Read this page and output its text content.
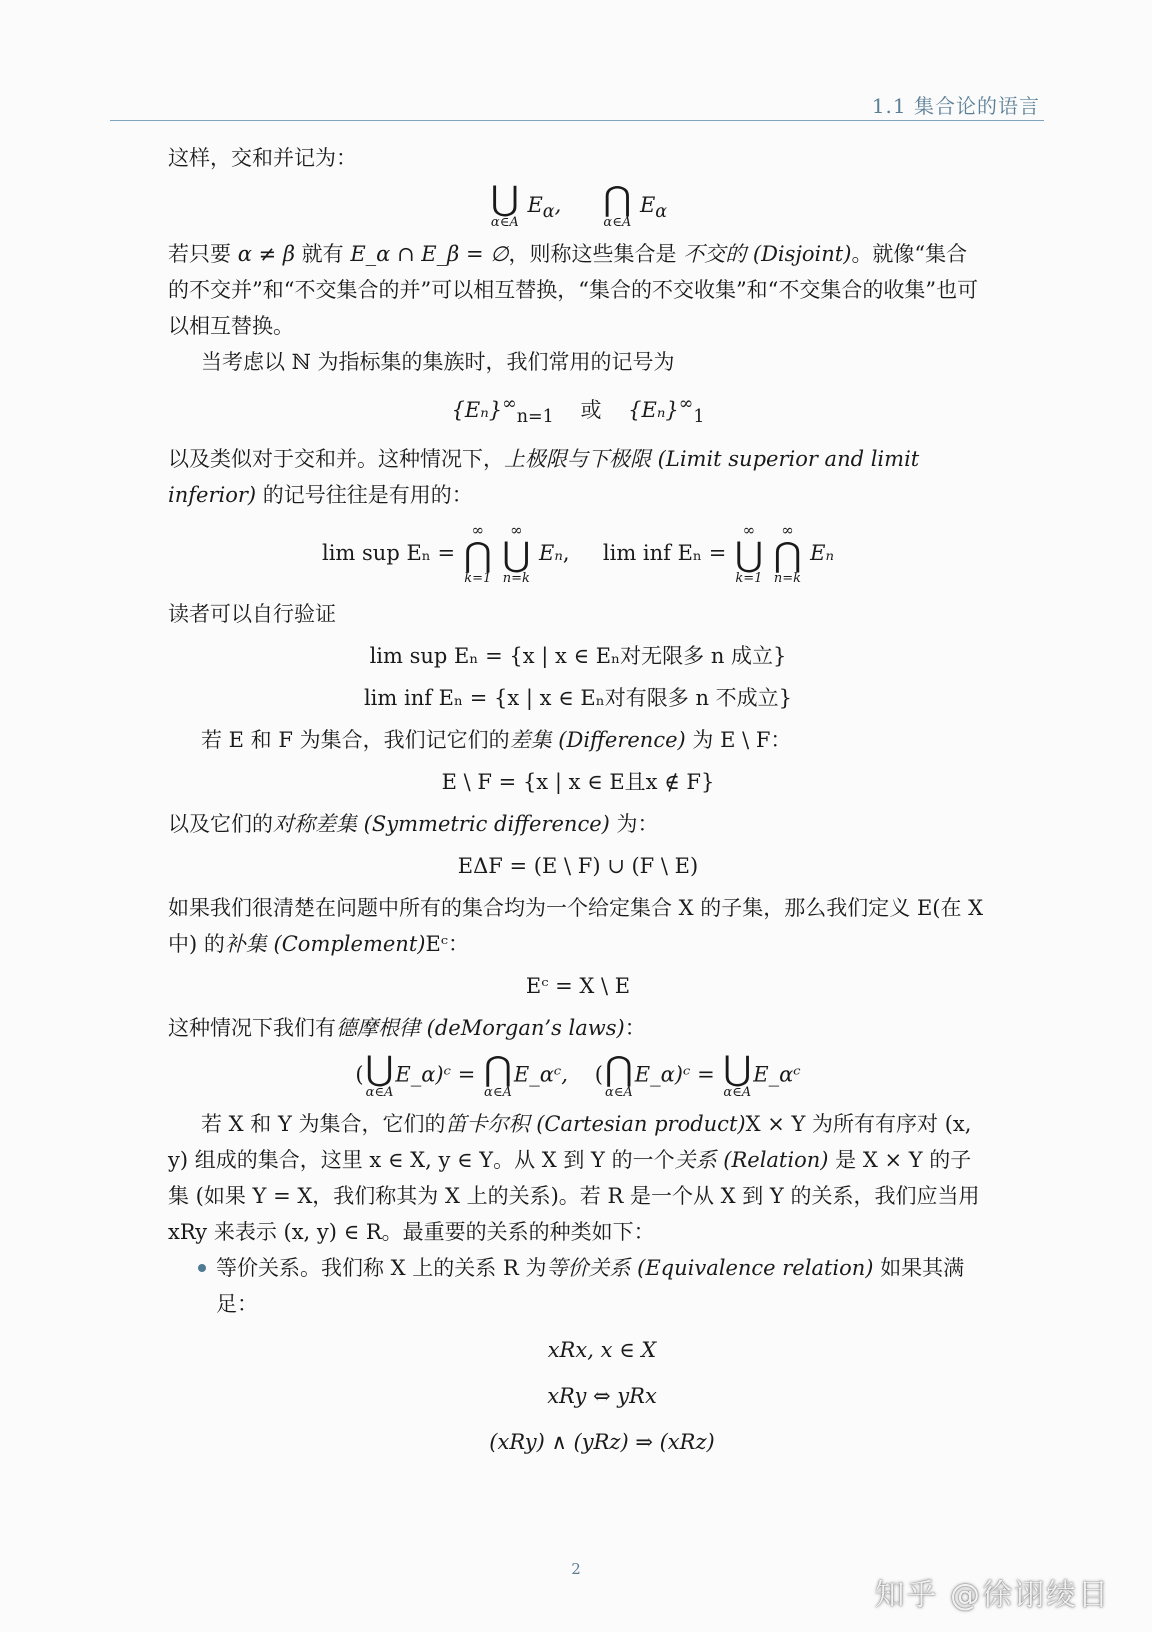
1.1 集合论的语言

这样，交和并记为：

⋃
α∈A
$E_\alpha$, ⋂
α∈A
$E_\alpha$

若只要 α ≠ β 就有 E_α ∩ E_β = ∅，则称这些集合是 不交的 (Disjoint)。就像“集合的不交并”和“不交集合的并”可以相互替换，“集合的不交收集”和“不交集合的收集”也可以相互替换。

当考虑以 ℕ 为指标集的集族时，我们常用的记号为

$\{E_n\}^\infty_{n=1}$ 或 $\{E_n\}^\infty_1$

以及类似对于交和并。这种情况下，上极限与下极限 (Limit superior and limit inferior) 的记号往往是有用的：

lim sup Eₙ =
∞
⋂
k=1

∞
⋃
n=k
Eₙ,     lim inf Eₙ =
∞
⋃
k=1

∞
⋂
n=k
Eₙ

读者可以自行验证

lim sup Eₙ = {x | x ∈ Eₙ对无限多 n 成立}
lim inf Eₙ = {x | x ∈ Eₙ对有限多 n 不成立}

若 E 和 F 为集合，我们记它们的差集 (Difference) 为 E \ F：

E \ F = {x | x ∈ E且x ∉ F}

以及它们的对称差集 (Symmetric difference) 为：

EΔF = (E \ F) ∪ (F \ E)

如果我们很清楚在问题中所有的集合均为一个给定集合 X 的子集，那么我们定义 E(在 X 中) 的补集 (Complement)Eᶜ：

Eᶜ = X \ E

这种情况下我们有德摩根律 (deMorgan’s laws)：

( ⋃
α∈A
E_α)ᶜ = ⋂
α∈A
E_αᶜ, ( ⋂
α∈A
E_α)ᶜ = ⋃
α∈A
E_αᶜ

若 X 和 Y 为集合，它们的笛卡尔积 (Cartesian product)X × Y 为所有有序对 (x, y) 组成的集合，这里 x ∈ X, y ∈ Y。从 X 到 Y 的一个关系 (Relation) 是 X × Y 的子集 (如果 Y = X，我们称其为 X 上的关系)。若 R 是一个从 X 到 Y 的关系，我们应当用 xRy 来表示 (x, y) ∈ R。最重要的关系的种类如下：

等价关系。我们称 X 上的关系 R 为等价关系 (Equivalence relation) 如果其满足：
xRx, x ∈ X
xRy ⇔ yRx
(xRy) ∧ (yRz) ⇒ (xRz)
2
知乎 @徐诩绫目
